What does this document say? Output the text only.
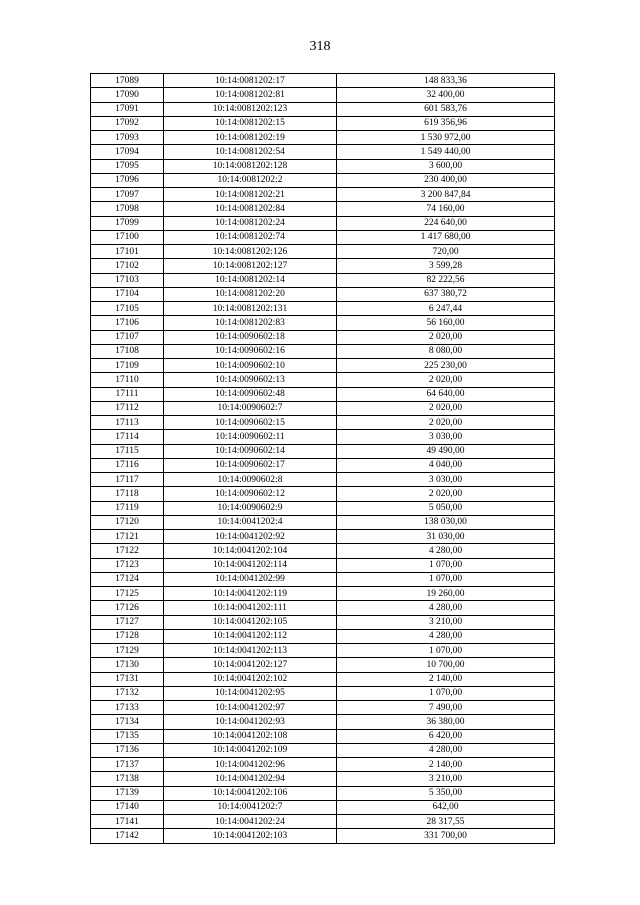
318
17089	10:14:0081202:17	148 833,36
17090	10:14:0081202:81	32 400,00
17091	10:14:0081202:123	601 583,76
17092	10:14:0081202:15	619 356,96
17093	10:14:0081202:19	1 530 972,00
17094	10:14:0081202:54	1 549 440,00
17095	10:14:0081202:128	3 600,00
17096	10:14:0081202:2	230 400,00
17097	10:14:0081202:21	3 200 847,84
17098	10:14:0081202:84	74 160,00
17099	10:14:0081202:24	224 640,00
17100	10:14:0081202:74	1 417 680,00
17101	10:14:0081202:126	720,00
17102	10:14:0081202:127	3 599,28
17103	10:14:0081202:14	82 222,56
17104	10:14:0081202:20	637 380,72
17105	10:14:0081202:131	6 247,44
17106	10:14:0081202:83	56 160,00
17107	10:14:0090602:18	2 020,00
17108	10:14:0090602:16	8 080,00
17109	10:14:0090602:10	225 230,00
17110	10:14:0090602:13	2 020,00
17111	10:14:0090602:48	64 640,00
17112	10:14:0090602:7	2 020,00
17113	10:14:0090602:15	2 020,00
17114	10:14:0090602:11	3 030,00
17115	10:14:0090602:14	49 490,00
17116	10:14:0090602:17	4 040,00
17117	10:14:0090602:8	3 030,00
17118	10:14:0090602:12	2 020,00
17119	10:14:0090602:9	5 050,00
17120	10:14:0041202:4	138 030,00
17121	10:14:0041202:92	31 030,00
17122	10:14:0041202:104	4 280,00
17123	10:14:0041202:114	1 070,00
17124	10:14:0041202:99	1 070,00
17125	10:14:0041202:119	19 260,00
17126	10:14:0041202:111	4 280,00
17127	10:14:0041202:105	3 210,00
17128	10:14:0041202:112	4 280,00
17129	10:14:0041202:113	1 070,00
17130	10:14:0041202:127	10 700,00
17131	10:14:0041202:102	2 140,00
17132	10:14:0041202:95	1 070,00
17133	10:14:0041202:97	7 490,00
17134	10:14:0041202:93	36 380,00
17135	10:14:0041202:108	6 420,00
17136	10:14:0041202:109	4 280,00
17137	10:14:0041202:96	2 140,00
17138	10:14:0041202:94	3 210,00
17139	10:14:0041202:106	5 350,00
17140	10:14:0041202:7	642,00
17141	10:14:0041202:24	28 317,55
17142	10:14:0041202:103	331 700,00
